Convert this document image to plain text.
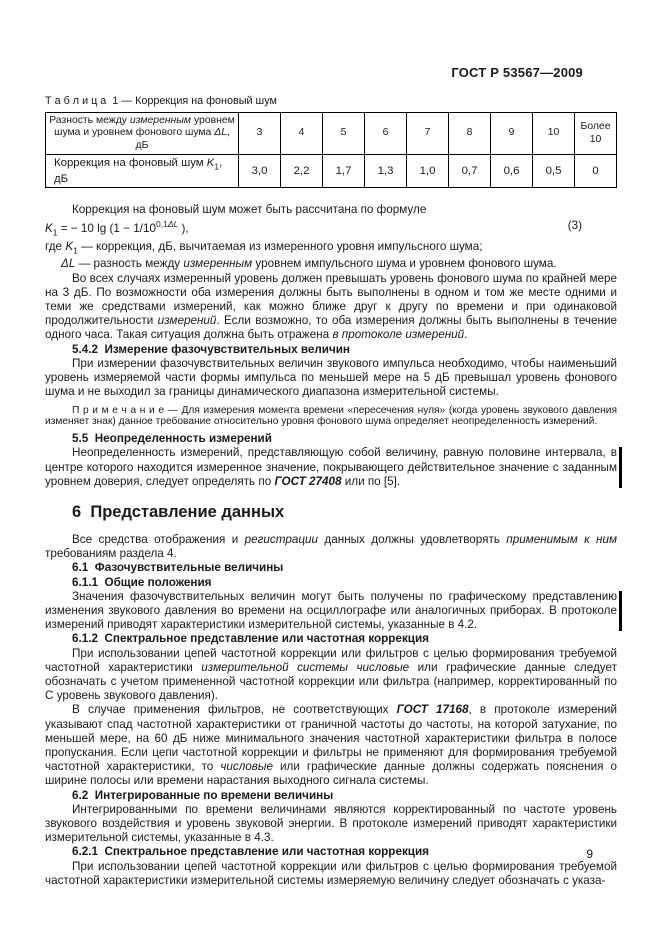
ГОСТ Р 53567—2009
Т а б л и ц а  1 — Коррекция на фоновый шум
Разность между измеренным уровнем шума и уровнем фонового шума ΔL, дБ	3	4	5	6	7	8	9	10	Более 10
Коррекция на фоновый шум $K_1$, дБ	3,0	2,2	1,7	1,3	1,0	0,7	0,6	0,5	0
Коррекция на фоновый шум может быть рассчитана по формуле
$K_1$ = − 10 $\lg (1 - 1/10^{0,1\Delta L}$ ),	(3)
где $K_1$ — коррекция, дБ, вычитаемая из измеренного уровня импульсного шума;
ΔL — разность между измеренным уровнем импульсного шума и уровнем фонового шума.
Во всех случаях измеренный уровень должен превышать уровень фонового шума по крайней мере на 3 дБ. По возможности оба измерения должны быть выполнены в одном и том же месте одними и теми же средствами измерений, как можно ближе друг к другу по времени и при одинаковой продолжительности измерений. Если возможно, то оба измерения должны быть выполнены в течение одного часа. Такая ситуация должна быть отражена в протоколе измерений.
5.4.2  Измерение фазочувствительных величин
При измерении фазочувствительных величин звукового импульса необходимо, чтобы наименьший уровень измеряемой части формы импульса по меньшей мере на 5 дБ превышал уровень фонового шума и не выходил за границы динамического диапазона измерительной системы.
П р и м е ч а н и е — Для измерения момента времени «пересечения нуля» (когда уровень звукового давления изменяет знак) данное требование относительно уровня фонового шума определяет неопределенность измерений.
5.5  Неопределенность измерений
Неопределенность измерений, представляющую собой величину, равную половине интервала, в центре которого находится измеренное значение, покрывающего действительное значение с заданным уровнем доверия, следует определять по ГОСТ 27408 или по [5].
6  Представление данных
Все средства отображения и регистрации данных должны удовлетворять применимым к ним требованиям раздела 4.
6.1  Фазочувствительные величины
6.1.1  Общие положения
Значения фазочувствительных величин могут быть получены по графическому представлению изменения звукового давления во времени на осциллографе или аналогичных приборах. В протоколе измерений приводят характеристики измерительной системы, указанные в 4.2.
6.1.2  Спектральное представление или частотная коррекция
При использовании цепей частотной коррекции или фильтров с целью формирования требуемой частотной характеристики измерительной системы числовые или графические данные следует обозначать с учетом примененной частотной коррекции или фильтра (например, корректированный по С уровень звукового давления).
В случае применения фильтров, не соответствующих ГОСТ 17168, в протоколе измерений указывают спад частотной характеристики от граничной частоты до частоты, на которой затухание, по меньшей мере, на 60 дБ ниже минимального значения частотной характеристики фильтра в полосе пропускания. Если цепи частотной коррекции и фильтры не применяют для формирования требуемой частотной характеристики, то числовые или графические данные должны содержать пояснения о ширине полосы или времени нарастания выходного сигнала системы.
6.2  Интегрированные по времени величины
Интегрированными по времени величинами являются корректированный по частоте уровень звукового воздействия и уровень звуковой энергии. В протоколе измерений приводят характеристики измерительной системы, указанные в 4.3.
6.2.1  Спектральное представление или частотная коррекция
При использовании цепей частотной коррекции или фильтров с целью формирования требуемой частотной характеристики измерительной системы измеряемую величину следует обозначать с указа-
9
